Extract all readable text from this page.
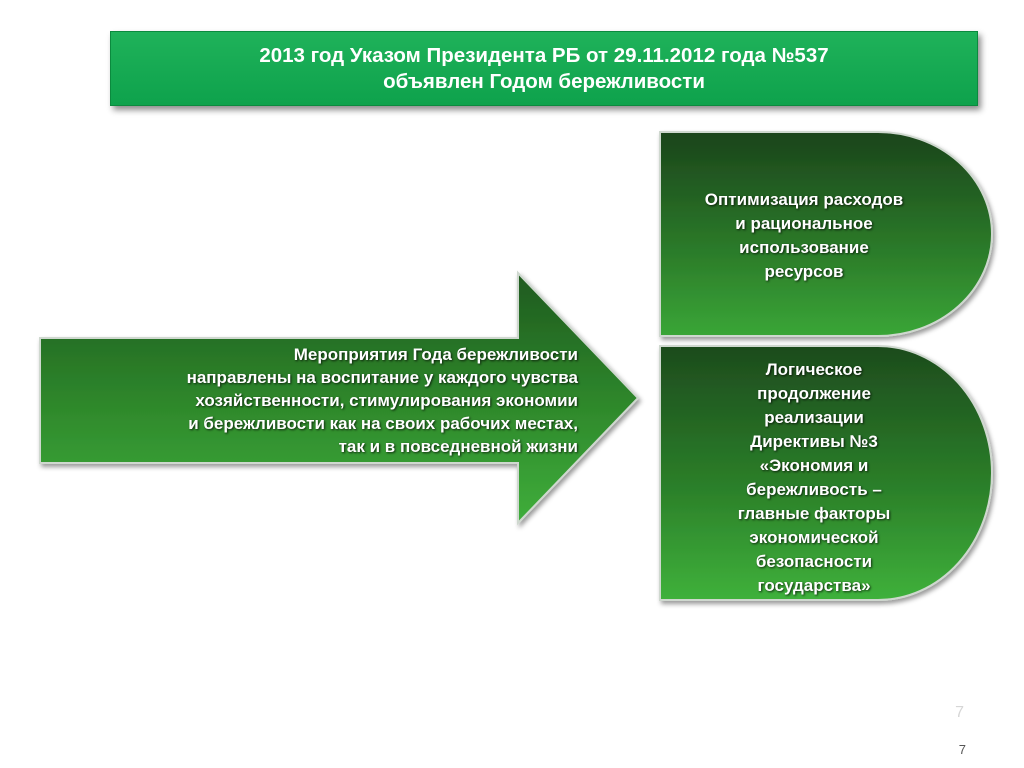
2013 год Указом Президента РБ от 29.11.2012 года №537
объявлен Годом бережливости
Мероприятия Года бережливости
направлены на воспитание у каждого чувства
хозяйственности, стимулирования экономии
и бережливости как на своих рабочих местах,
так и в повседневной жизни
Оптимизация расходов
и рациональное
использование
ресурсов
Логическое
продолжение
реализации
Директивы №3
«Экономия и
бережливость –
главные факторы
экономической
безопасности
государства»
7
7
